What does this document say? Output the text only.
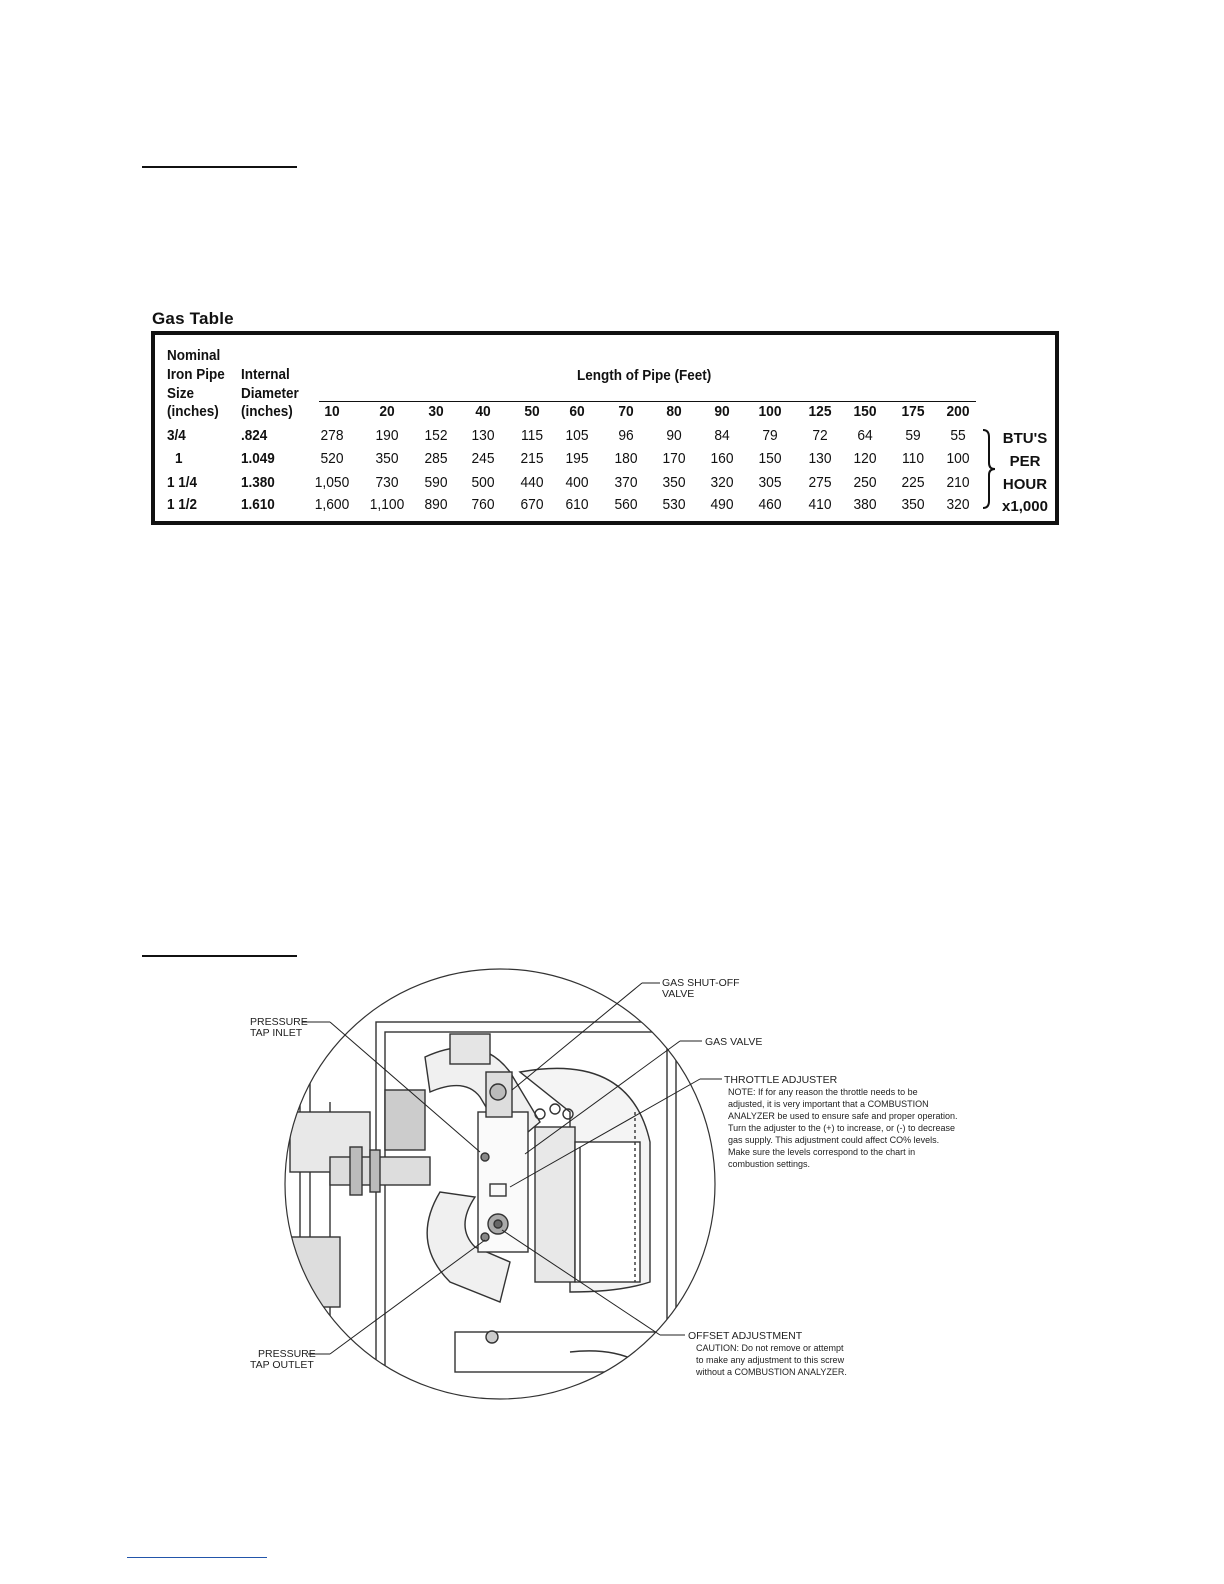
Gas Table
Nominal
Iron Pipe
Size
(inches)
Internal
Diameter
(inches)
Length of Pipe (Feet)
10	20	30	40	50	60	70	80	90	100	125	150	175	200
3/4	.824	278	190	152	130	115	105	96	90	84	79	72	64	59	55
1	1.049	520	350	285	245	215	195	180	170	160	150	130	120	110	100
1 1/4	1.380	1,050	730	590	500	440	400	370	350	320	305	275	250	225	210
1 1/2	1.610	1,600	1,100	890	760	670	610	560	530	490	460	410	380	350	320
BTU'S
PER
HOUR
x1,000
GAS SHUT-OFF
VALVE
PRESSURE
TAP INLET
GAS VALVE
THROTTLE ADJUSTER
NOTE: If for any reason the throttle needs to be
adjusted, it is very important that a COMBUSTION
ANALYZER be used to ensure safe and proper operation.
Turn the adjuster to the (+) to increase, or (-) to decrease
gas supply. This adjustment could affect CO% levels.
Make sure the levels correspond to the chart in
combustion settings.
OFFSET ADJUSTMENT
CAUTION: Do not remove or attempt
to make any adjustment to this screw
without a COMBUSTION ANALYZER.
PRESSURE
TAP OUTLET
